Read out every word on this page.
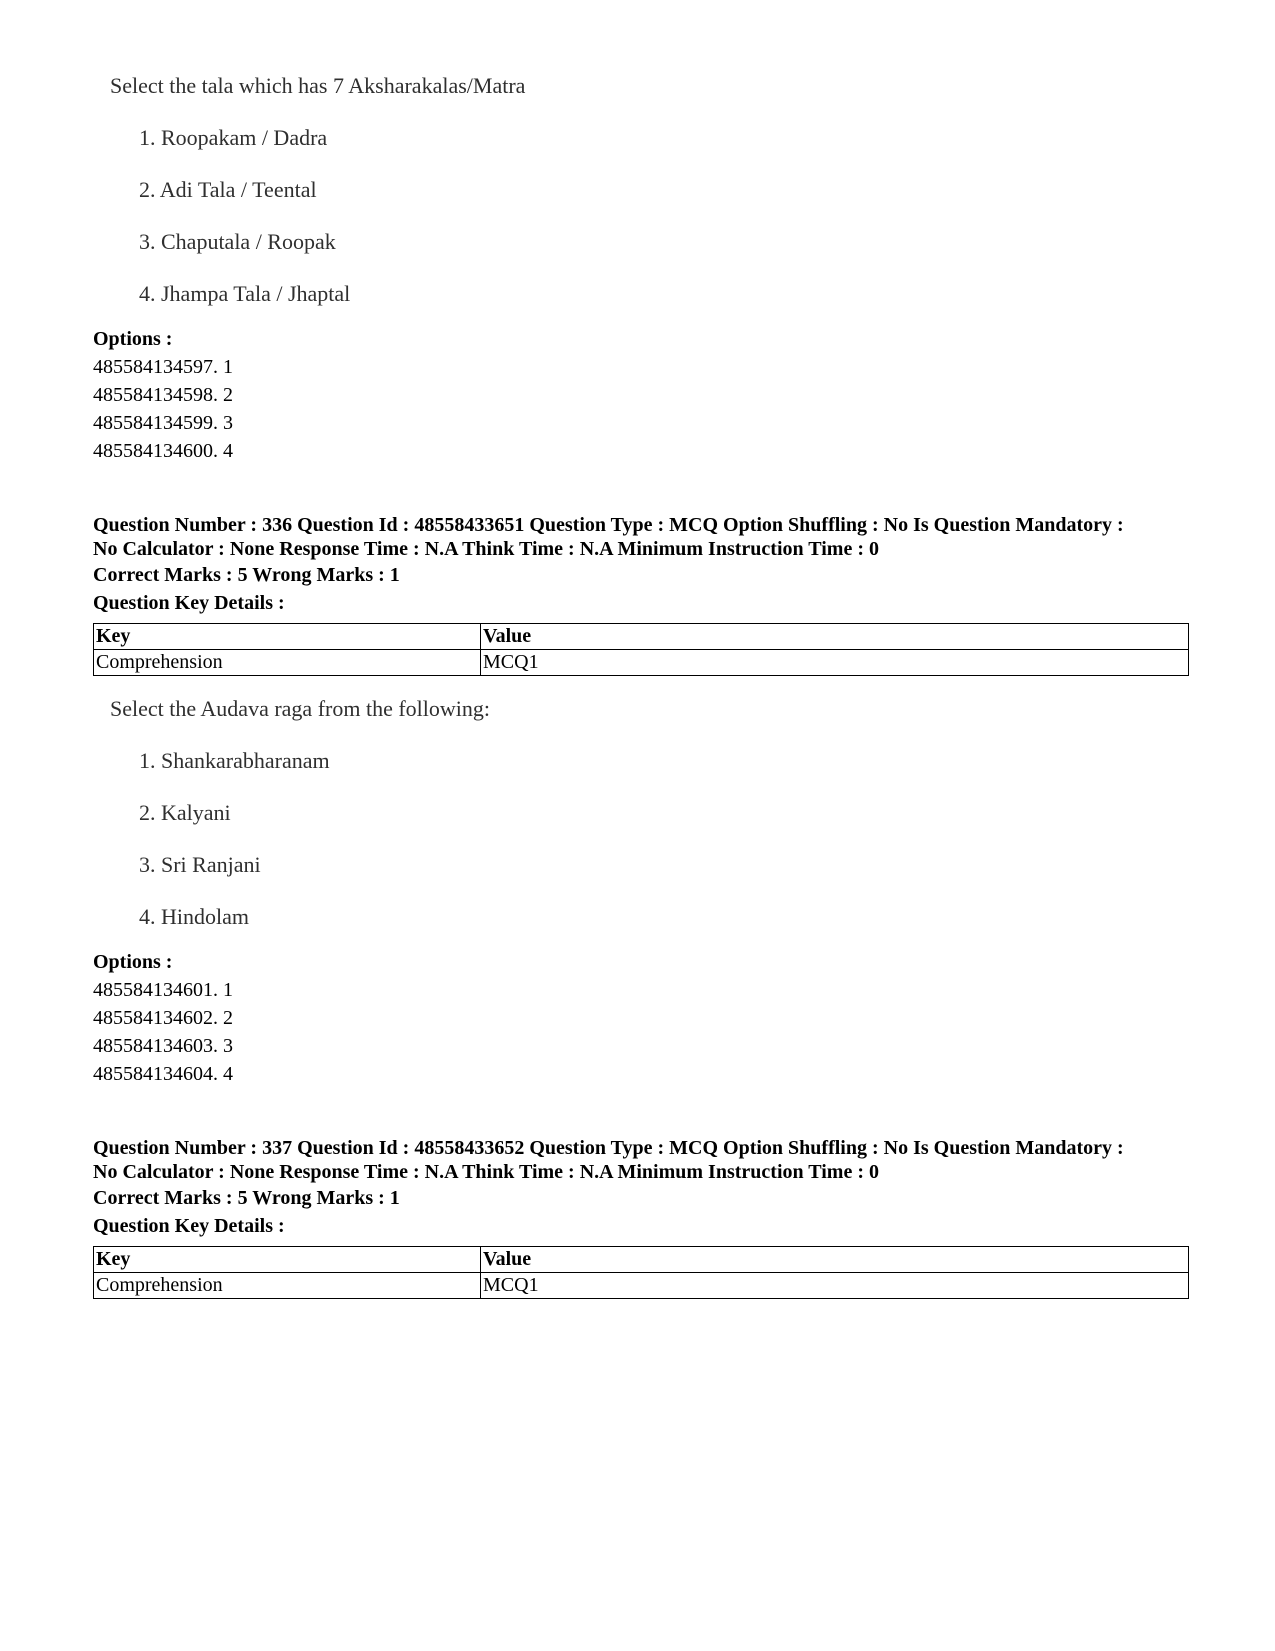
Select the tala which has 7 Aksharakalas/Matra
1. Roopakam / Dadra
2. Adi Tala / Teental
3. Chaputala / Roopak
4. Jhampa Tala / Jhaptal
Options :
485584134597. 1
485584134598. 2
485584134599. 3
485584134600. 4
Question Number : 336 Question Id : 48558433651 Question Type : MCQ Option Shuffling : No Is Question Mandatory :
No Calculator : None Response Time : N.A Think Time : N.A Minimum Instruction Time : 0
Correct Marks : 5 Wrong Marks : 1
Question Key Details :
Key	Value
Comprehension	MCQ1
Select the Audava raga from the following:
1. Shankarabharanam
2. Kalyani
3. Sri Ranjani
4. Hindolam
Options :
485584134601. 1
485584134602. 2
485584134603. 3
485584134604. 4
Question Number : 337 Question Id : 48558433652 Question Type : MCQ Option Shuffling : No Is Question Mandatory :
No Calculator : None Response Time : N.A Think Time : N.A Minimum Instruction Time : 0
Correct Marks : 5 Wrong Marks : 1
Question Key Details :
Key	Value
Comprehension	MCQ1
